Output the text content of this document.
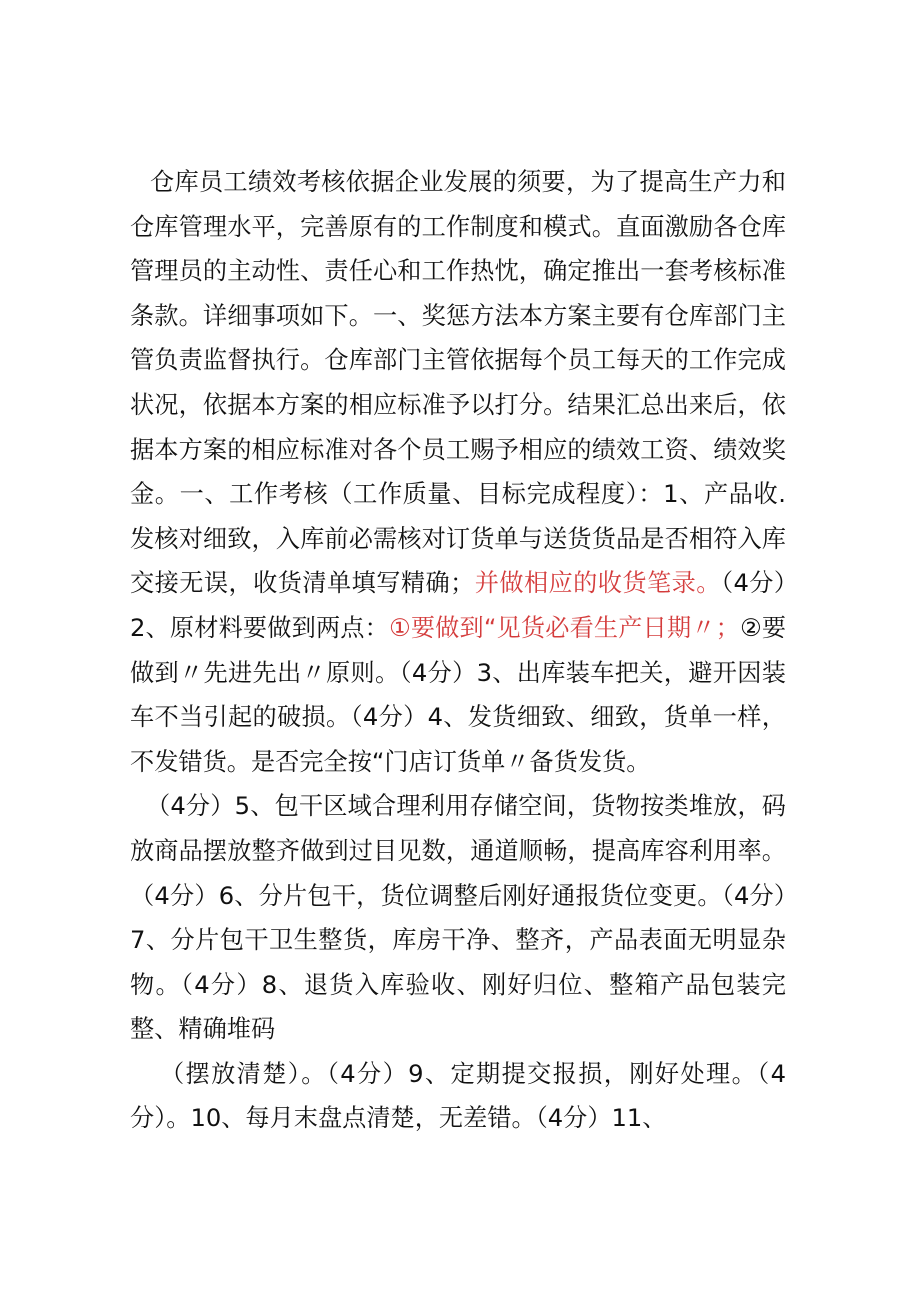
仓库员工绩效考核依据企业发展的须要，为了提高生产力和仓库管理水平，完善原有的工作制度和模式。直面激励各仓库管理员的主动性、责任心和工作热忱，确定推出一套考核标准条款。详细事项如下。一、奖惩方法本方案主要有仓库部门主管负责监督执行。仓库部门主管依据每个员工每天的工作完成状况，依据本方案的相应标准予以打分。结果汇总出来后，依据本方案的相应标准对各个员工赐予相应的绩效工资、绩效奖金。一、工作考核（工作质量、目标完成程度）：1、产品收.发核对细致，入库前必需核对订货单与送货货品是否相符入库交接无误，收货清单填写精确；并做相应的收货笔录。（4分）2、原材料要做到两点：①要做到“见货必看生产日期〃；②要做到〃先进先出〃原则。（4分）3、出库装车把关，避开因装车不当引起的破损。（4分）4、发货细致、细致，货单一样，不发错货。是否完全按“门店订货单〃备货发货。

（4分）5、包干区域合理利用存储空间，货物按类堆放，码放商品摆放整齐做到过目见数，通道顺畅，提高库容利用率。（4分）6、分片包干，货位调整后刚好通报货位变更。（4分）7、分片包干卫生整货，库房干净、整齐，产品表面无明显杂物。（4分）8、退货入库验收、刚好归位、整箱产品包装完整、精确堆码

（摆放清楚）。（4分）9、定期提交报损，刚好处理。（4分）。10、每月末盘点清楚，无差错。（4分）11、
